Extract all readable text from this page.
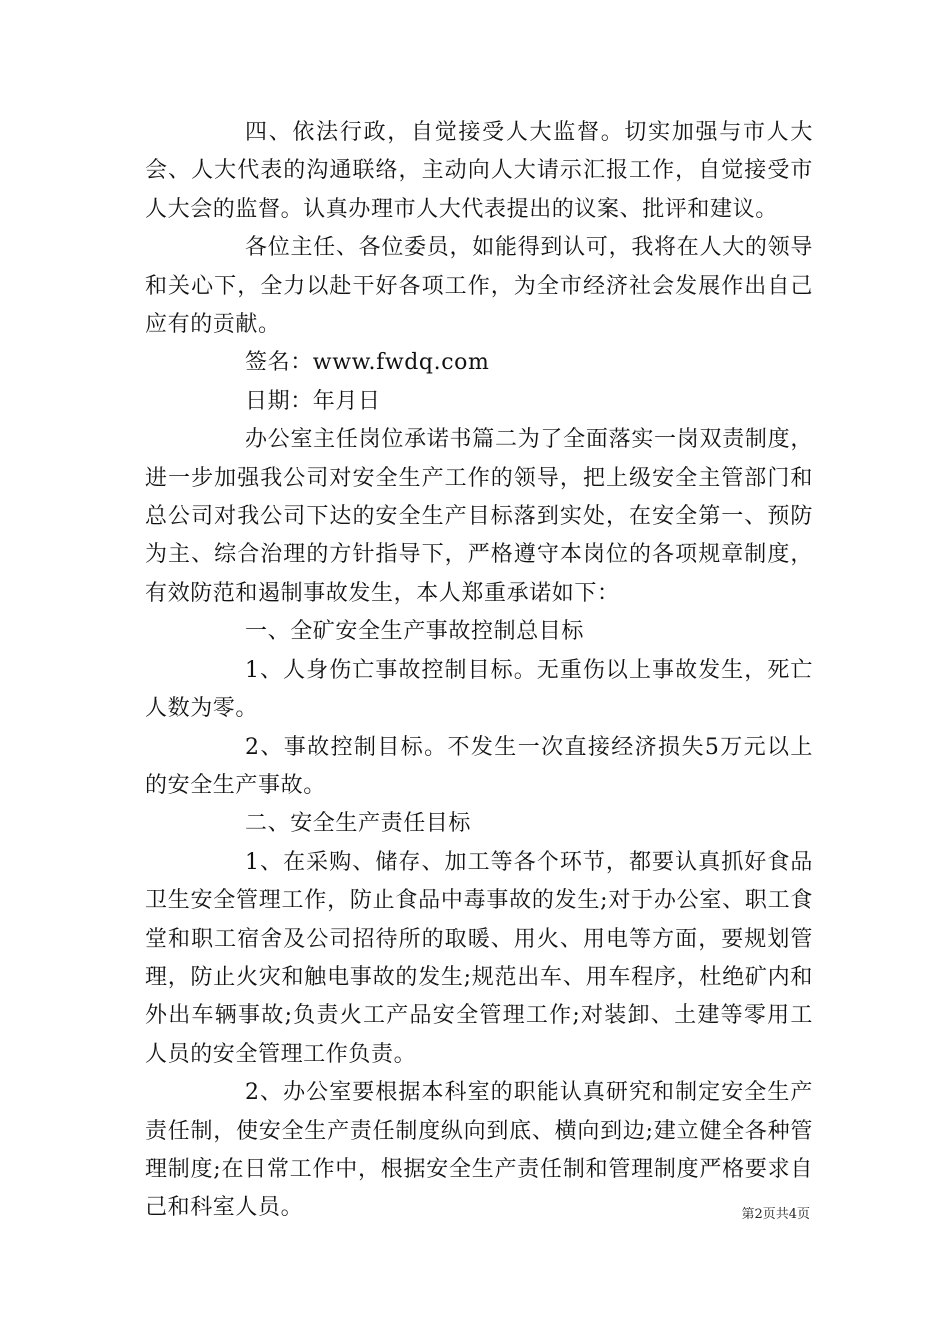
四、依法行政，自觉接受人大监督。切实加强与市人大会、人大代表的沟通联络，主动向人大请示汇报工作，自觉接受市人大会的监督。认真办理市人大代表提出的议案、批评和建议。

各位主任、各位委员，如能得到认可，我将在人大的领导和关心下，全力以赴干好各项工作，为全市经济社会发展作出自己应有的贡献。

签名：www.fwdq.com

日期：年月日

办公室主任岗位承诺书篇二为了全面落实一岗双责制度，进一步加强我公司对安全生产工作的领导，把上级安全主管部门和总公司对我公司下达的安全生产目标落到实处，在安全第一、预防为主、综合治理的方针指导下，严格遵守本岗位的各项规章制度，有效防范和遏制事故发生，本人郑重承诺如下：

一、全矿安全生产事故控制总目标

1、人身伤亡事故控制目标。无重伤以上事故发生，死亡人数为零。

2、事故控制目标。不发生一次直接经济损失5万元以上的安全生产事故。

二、安全生产责任目标

1、在采购、储存、加工等各个环节，都要认真抓好食品卫生安全管理工作，防止食品中毒事故的发生;对于办公室、职工食堂和职工宿舍及公司招待所的取暖、用火、用电等方面，要规划管理，防止火灾和触电事故的发生;规范出车、用车程序，杜绝矿内和外出车辆事故;负责火工产品安全管理工作;对装卸、土建等零用工人员的安全管理工作负责。

2、办公室要根据本科室的职能认真研究和制定安全生产责任制，使安全生产责任制度纵向到底、横向到边;建立健全各种管理制度;在日常工作中，根据安全生产责任制和管理制度严格要求自己和科室人员。	第2页共4页
